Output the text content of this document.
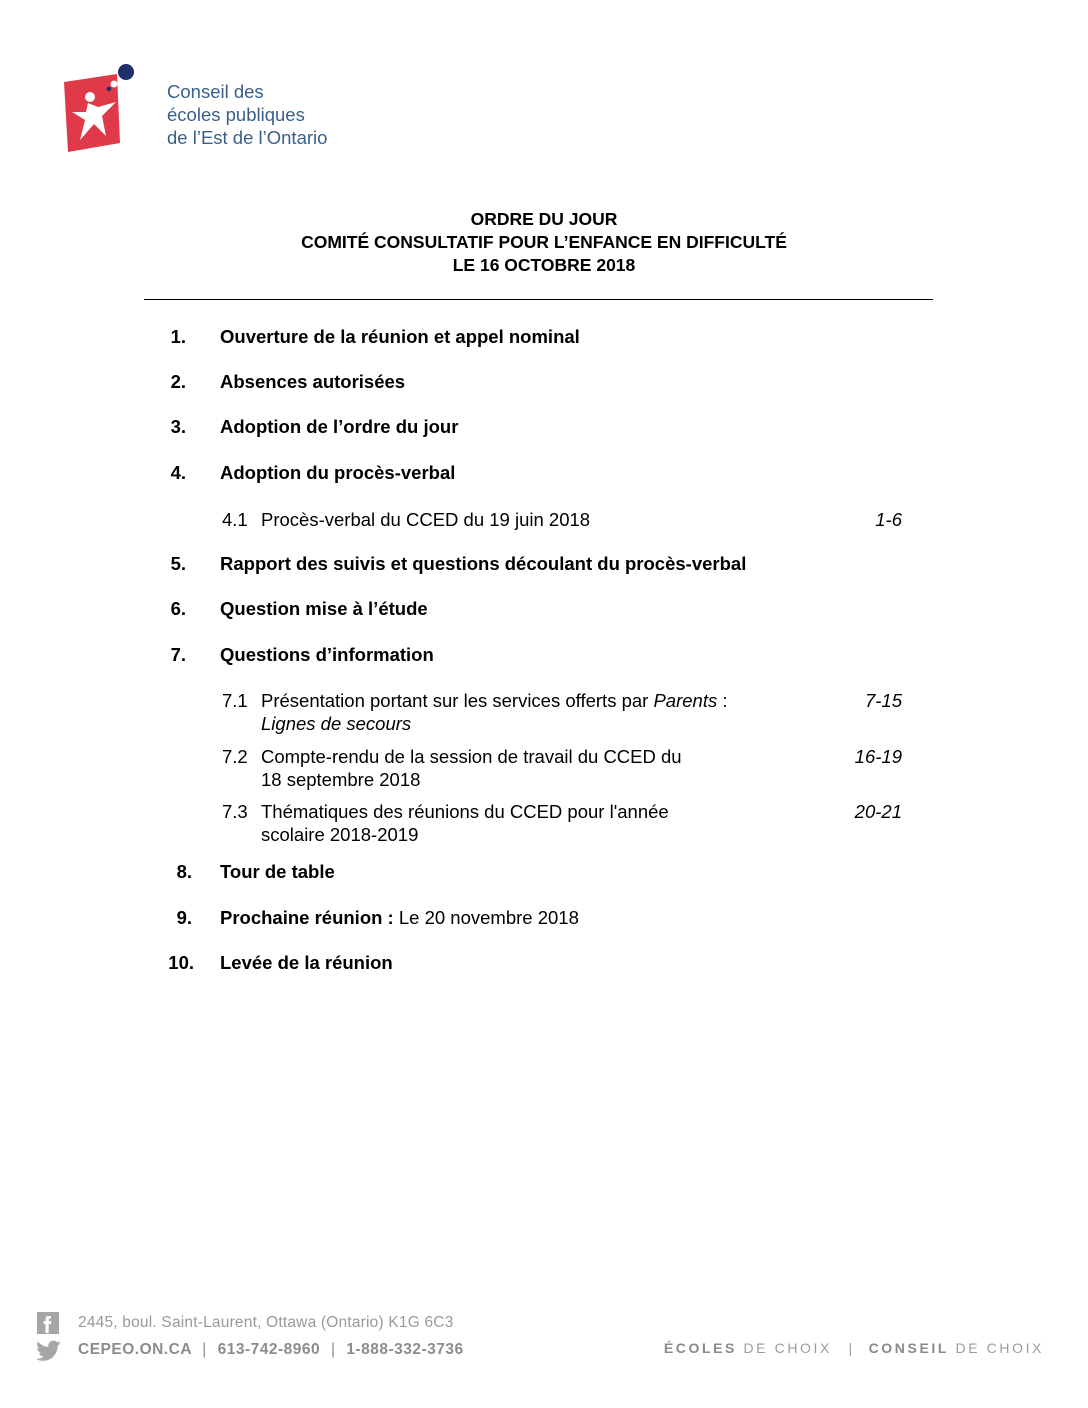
Conseil des
écoles publiques
de l’Est de l’Ontario
ORDRE DU JOUR
COMITÉ CONSULTATIF POUR L’ENFANCE EN DIFFICULTÉ
LE 16 OCTOBRE 2018
1. Ouverture de la réunion et appel nominal
2. Absences autorisées
3. Adoption de l’ordre du jour
4. Adoption du procès-verbal
4.1 Procès-verbal du CCED du 19 juin 2018	1-6
5. Rapport des suivis et questions découlant du procès-verbal
6. Question mise à l’étude
7. Questions d’information
7.1 Présentation portant sur les services offerts par Parents :
Lignes de secours
7-15
7.2 Compte-rendu de la session de travail du CCED du
18 septembre 2018
16-19
7.3 Thématiques des réunions du CCED pour l'année
scolaire 2018-2019
20-21
8. Tour de table
9. Prochaine réunion : Le 20 novembre 2018
10. Levée de la réunion
2445, boul. Saint-Laurent, Ottawa (Ontario) K1G 6C3
CEPEO.ON.CA | 613-742-8960 | 1-888-332-3736	ÉCOLES DE CHOIX | CONSEIL DE CHOIX
